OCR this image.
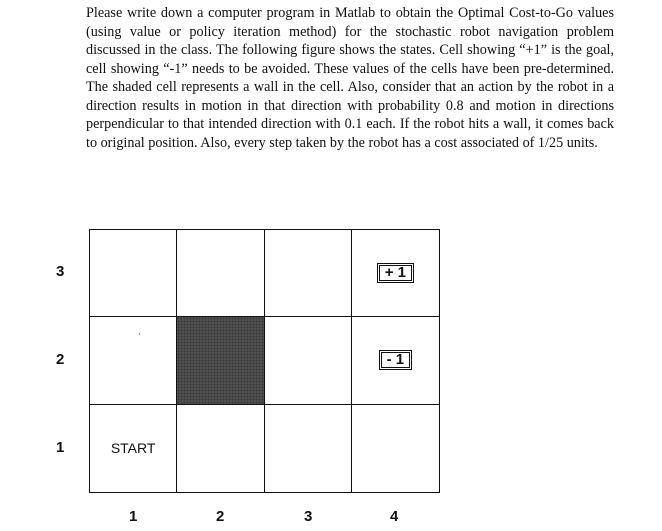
Please write down a computer program in Matlab to obtain the Optimal Cost-to-Go values (using value or policy iteration method) for the stochastic robot navigation problem discussed in the class. The following figure shows the states. Cell showing “+1” is the goal, cell showing “-1” needs to be avoided. These values of the cells have been pre-determined. The shaded cell represents a wall in the cell. Also, consider that an action by the robot in a direction results in motion in that direction with probability 0.8 and motion in directions perpendicular to that intended direction with 0.1 each. If the robot hits a wall, it comes back to original position. Also, every step taken by the robot has a cost associated of 1/25 units.

+ 1
·
- 1
START
3
2
1
1	2	3	4
